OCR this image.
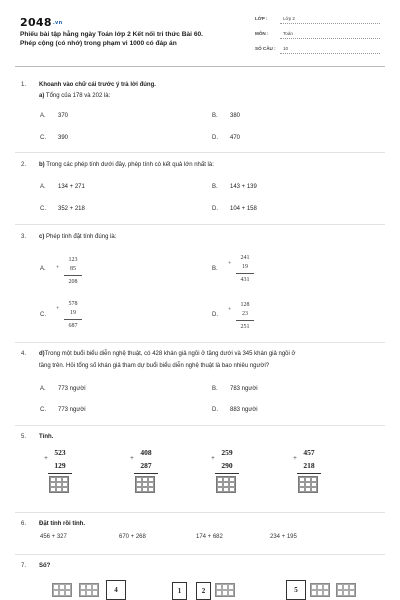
2048.vn
Phiếu bài tập hằng ngày Toán lớp 2 Kết nối tri thức Bài 60.
Phép cộng (có nhớ) trong phạm vi 1000 có đáp án
LỚP :	Lớp 2
MÔN :	Toán
SỐ CÂU : 10
1. Khoanh vào chữ cái trước ý trả lời đúng.
a) Tổng của 178 và 202 là:
A. 370	B. 380
C. 390	D. 470
2. b) Trong các phép tính dưới đây, phép tính có kết quả lớn nhất là:
A. 134 + 271	B. 143 + 139
C. 352 + 218	D. 104 + 158
3. c) Phép tính đặt tính đúng là:
A.	+
123
85
208
B.
+
241
19
431
C.
+
578
19
687
D.
+
128
23
251
4. d)Trong một buổi biểu diễn nghệ thuật, có 428 khán giả ngồi ở tầng dưới và 345 khán giả ngồi ở
tầng trên. Hỏi tổng số khán giả tham dự buổi biểu diễn nghệ thuật là bao nhiêu người?
A. 773 người	B. 783 người
C. 773 người	D. 883 người
5. Tính.
523
+
129
408
+
287
259
+
290
457
+
218
6. Đặt tính rồi tính.
456 + 327	670 + 268	174 + 682	234 + 195
7. Số?
4	1	2	5
